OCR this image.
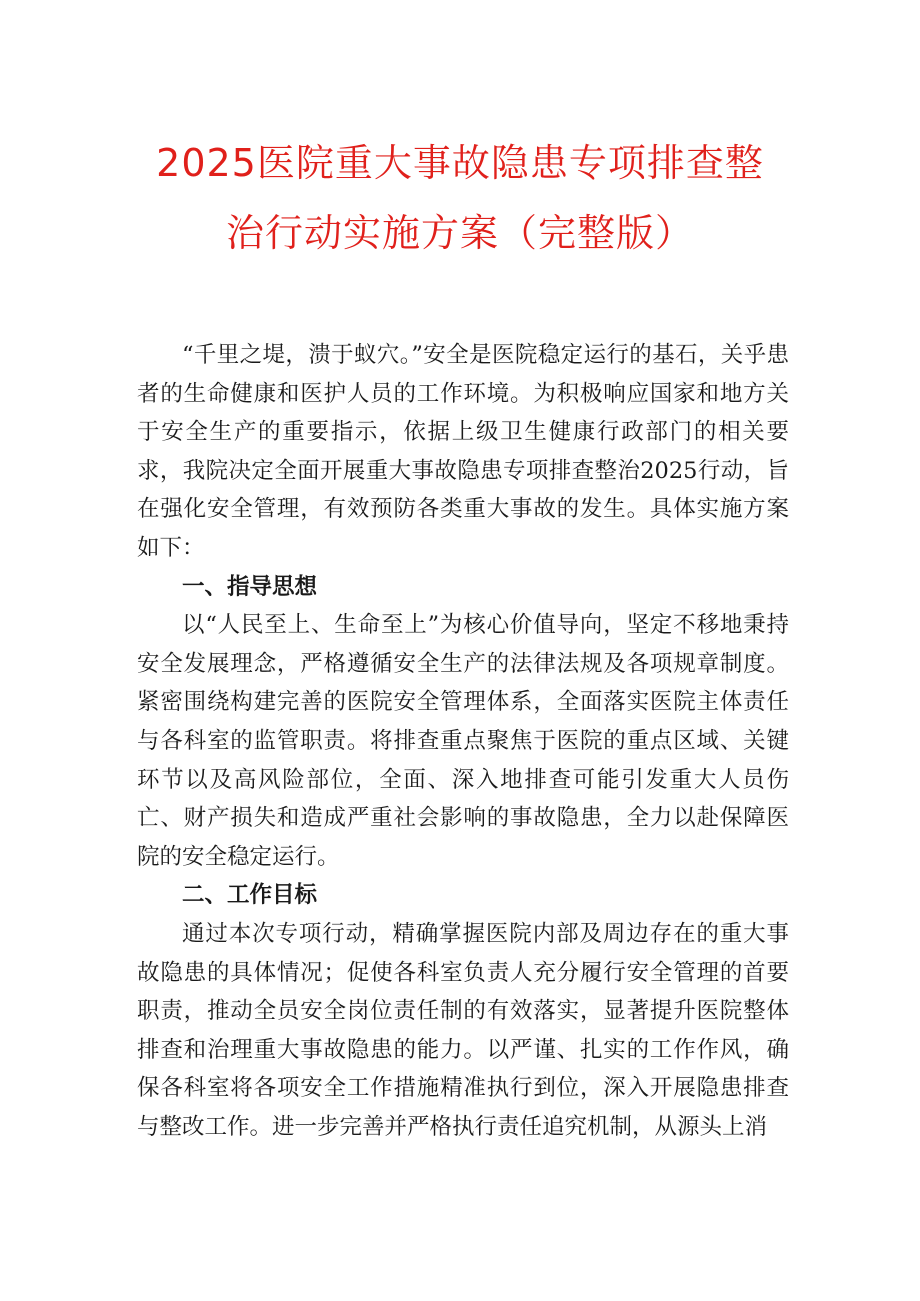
2025医院重大事故隐患专项排查整
治行动实施方案（完整版）

“千里之堤，溃于蚁穴。”安全是医院稳定运行的基石，关乎患者的生命健康和医护人员的工作环境。为积极响应国家和地方关于安全生产的重要指示，依据上级卫生健康行政部门的相关要求，我院决定全面开展重大事故隐患专项排查整治2025行动，旨在强化安全管理，有效预防各类重大事故的发生。具体实施方案如下：

一、指导思想

以“人民至上、生命至上”为核心价值导向，坚定不移地秉持安全发展理念，严格遵循安全生产的法律法规及各项规章制度。紧密围绕构建完善的医院安全管理体系，全面落实医院主体责任与各科室的监管职责。将排查重点聚焦于医院的重点区域、关键环节以及高风险部位，全面、深入地排查可能引发重大人员伤亡、财产损失和造成严重社会影响的事故隐患，全力以赴保障医院的安全稳定运行。

二、工作目标

通过本次专项行动，精确掌握医院内部及周边存在的重大事故隐患的具体情况；促使各科室负责人充分履行安全管理的首要职责，推动全员安全岗位责任制的有效落实，显著提升医院整体排查和治理重大事故隐患的能力。以严谨、扎实的工作作风，确保各科室将各项安全工作措施精准执行到位，深入开展隐患排查与整改工作。进一步完善并严格执行责任追究机制，从源头上消
